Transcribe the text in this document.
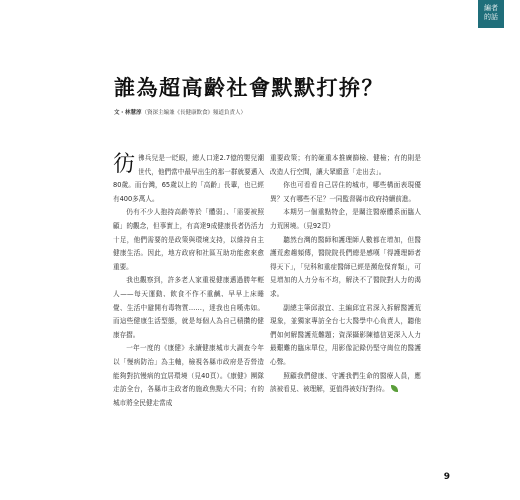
編者
的話
誰為超高齡社會默默打拚？
文・林慧淳（資深主編兼《長健康飲食》頻道負責人）

彷彿兵兒是一眨眼，總人口達2.7億的嬰兒潮世代，他們當中最早出生的那一群就要邁入80歲。而台灣，65歲以上的「高齡」長輩，也已經有400多萬人。

仍有不少人抱持高齡等於「體弱」、「需要被照顧」的觀念，但事實上，有高達9成健康長者仍活力十足，他們需要的是政策與環境支持，以維持自主健康生活。因此，地方政府和社區互助功能愈來愈重要。

我也觀察到，許多老人家重視健康邁過勝年輕人——每天運動、飲食不作不重鹹、早早上床睡覺、生活中避開有毒物質……，達我也自嘆弗如。而這些健康生活型態，就是每個人為自己積攢的健康存摺。

一年一度的《康健》永續健康城市大調查今年以「慢病防治」為主軸，檢視各縣市政府是否營造能夠對抗慢病的宜居環境（見40頁）。《康健》團隊走訪全台，各縣市主政者的施政焦點大不同；有的城市將全民健走當成

重要政策；有的砸重本推廣篩檢、健檢；有的則是改造人行空間，讓大眾願意「走出去」。

你也可看看自己居住的城市，哪些構面表現優異？又有哪些不足？一同監督縣市政府持續前進。

本期另一個重點特企，是關注醫療體系面臨人力荒困境。（見92頁）

聽然台灣的醫師和護理師人數都在增加，但醫護荒愈趨頻傳，醫院院長們總是感嘆「得護理師者得天下」，「兒科和重症醫師已經是瀕危保育類」，可見增加的人力分布不均，解決不了醫院對人力的渴求。

副總主筆邱淑宜、主編邱宜君深入拆解醫護荒現象，並獨家專訪全台七大醫學中心負責人，聽他們如何解醫護荒難題；資深攝影陳德信更深入人力最艱難的臨床單位，用影像記錄仍堅守崗位的醫護心聲。

照顧我們健康、守護我們生命的醫療人員，應該被看見、被理解，更值得被好好對待。

9
